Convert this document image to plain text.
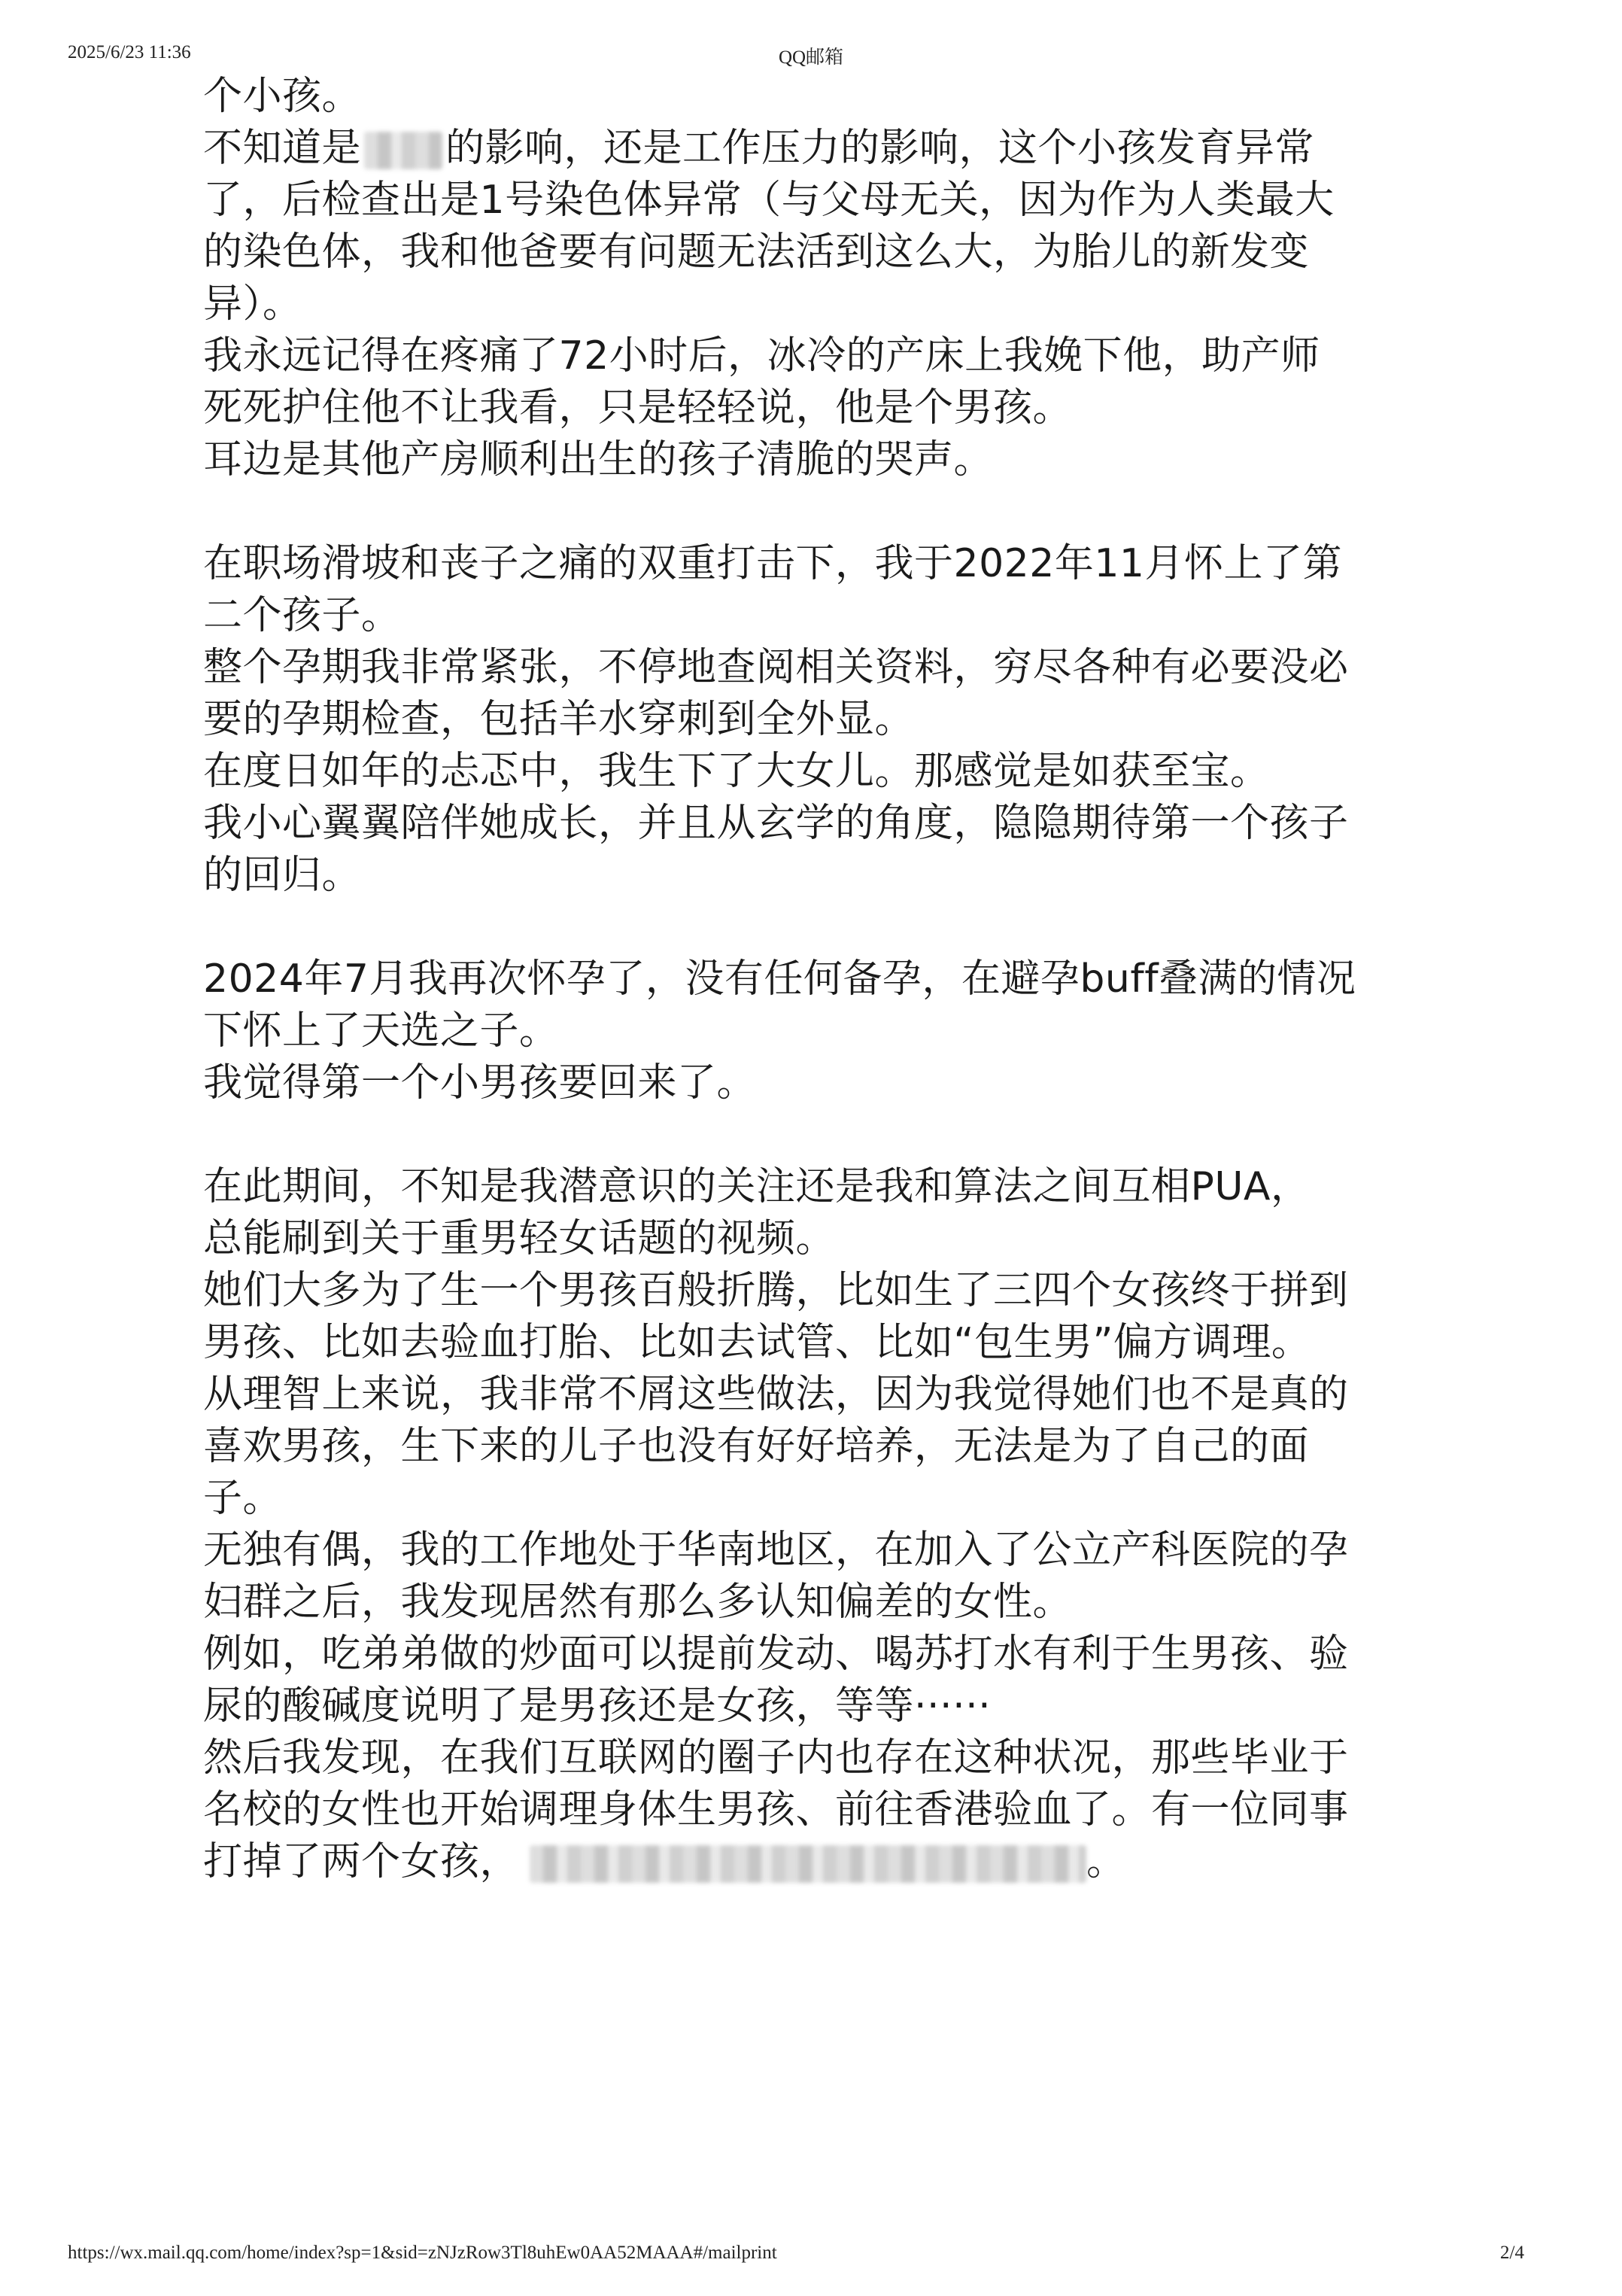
2025/6/23 11:36	QQ邮箱
个小孩。
不知道是 的影响，还是工作压力的影响，这个小孩发育异常
了，后检查出是1号染色体异常（与父母无关，因为作为人类最大
的染色体，我和他爸要有问题无法活到这么大，为胎儿的新发变
异）。
我永远记得在疼痛了72小时后，冰冷的产床上我娩下他，助产师
死死护住他不让我看，只是轻轻说，他是个男孩。
耳边是其他产房顺利出生的孩子清脆的哭声。
在职场滑坡和丧子之痛的双重打击下，我于2022年11月怀上了第
二个孩子。
整个孕期我非常紧张，不停地查阅相关资料，穷尽各种有必要没必
要的孕期检查，包括羊水穿刺到全外显。
在度日如年的忐忑中，我生下了大女儿。那感觉是如获至宝。
我小心翼翼陪伴她成长，并且从玄学的角度，隐隐期待第一个孩子
的回归。
2024年7月我再次怀孕了，没有任何备孕，在避孕buff叠满的情况
下怀上了天选之子。
我觉得第一个小男孩要回来了。
在此期间，不知是我潜意识的关注还是我和算法之间互相PUA，
总能刷到关于重男轻女话题的视频。
她们大多为了生一个男孩百般折腾，比如生了三四个女孩终于拼到
男孩、比如去验血打胎、比如去试管、比如“包生男”偏方调理。
从理智上来说，我非常不屑这些做法，因为我觉得她们也不是真的
喜欢男孩，生下来的儿子也没有好好培养，无法是为了自己的面
子。
无独有偶，我的工作地处于华南地区，在加入了公立产科医院的孕
妇群之后，我发现居然有那么多认知偏差的女性。
例如，吃弟弟做的炒面可以提前发动、喝苏打水有利于生男孩、验
尿的酸碱度说明了是男孩还是女孩，等等······
然后我发现，在我们互联网的圈子内也存在这种状况，那些毕业于
名校的女性也开始调理身体生男孩、前往香港验血了。有一位同事
打掉了两个女孩，	。
https://wx.mail.qq.com/home/index?sp=1&sid=zNJzRow3Tl8uhEw0AA52MAAA#/mailprint	2/4
